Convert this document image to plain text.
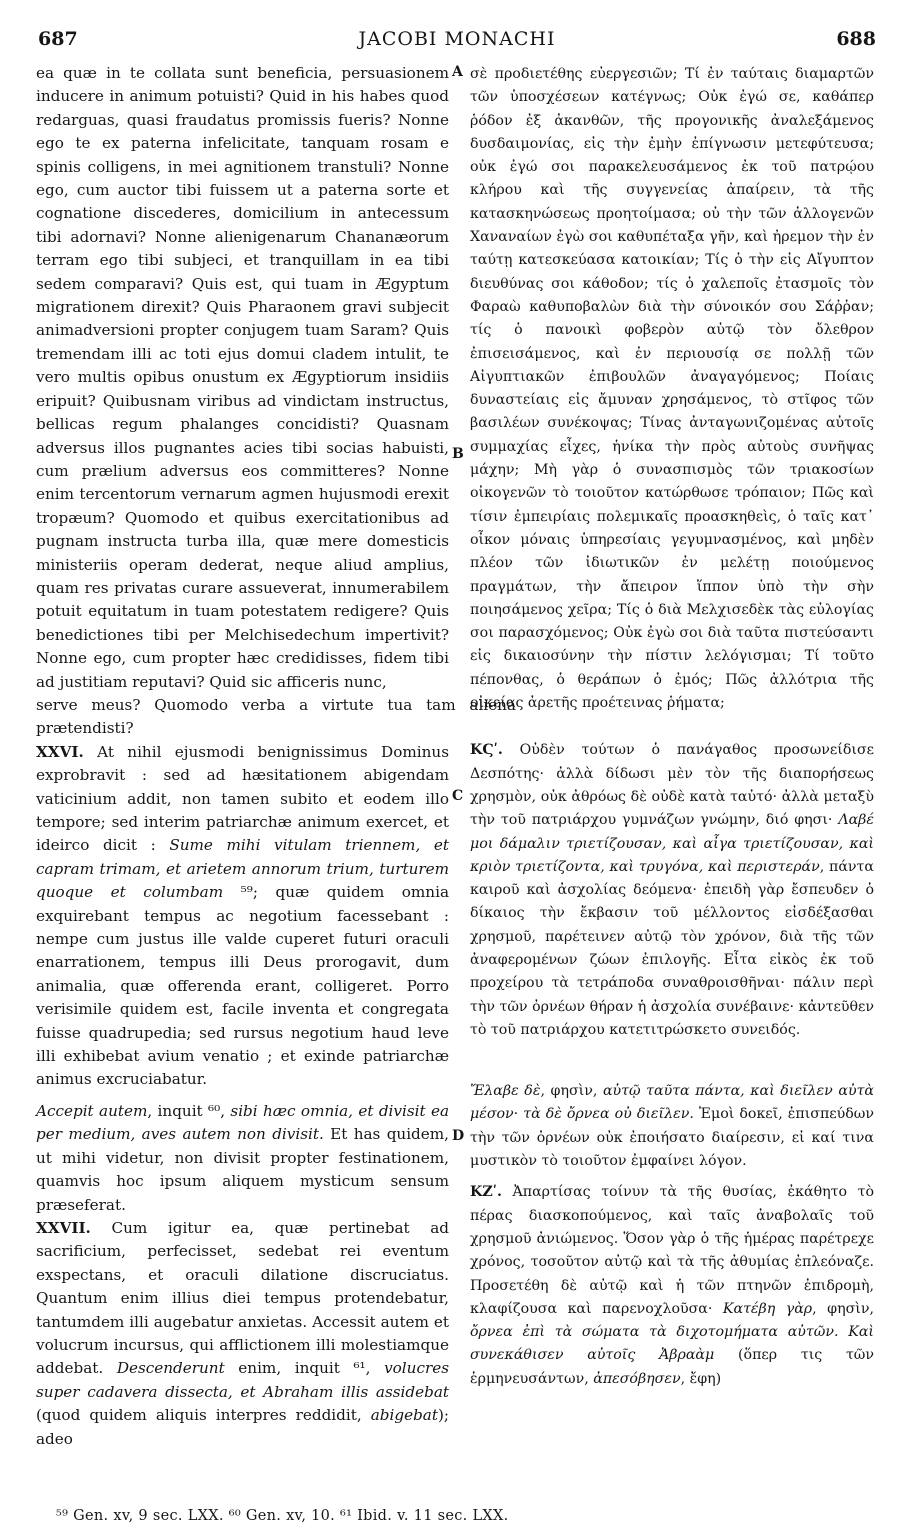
687	JACOBI MONACHI	688

ea quæ in te collata sunt beneficia, persuasionem inducere in animum potuisti? Quid in his habes quod redarguas, quasi fraudatus promissis fueris? Nonne ego te ex paterna infelicitate, tanquam rosam e spinis colligens, in mei agnitionem transtuli? Nonne ego, cum auctor tibi fuissem ut a paterna sorte et cognatione discederes, domicilium in antecessum tibi adornavi? Nonne alienigenarum Chananæorum terram ego tibi subjeci, et tranquillam in ea tibi sedem comparavi? Quis est, qui tuam in Ægyptum migrationem direxit? Quis Pharaonem gravi subjecit animadversioni propter conjugem tuam Saram? Quis tremendam illi ac toti ejus domui cladem intulit, te vero multis opibus onustum ex Ægyptiorum insidiis eripuit? Quibusnam viribus ad vindictam instructus, bellicas regum phalanges concidisti? Quasnam adversus illos pugnantes acies tibi socias habuisti, cum prælium adversus eos committeres? Nonne enim tercentorum vernarum agmen hujusmodi erexit tropæum? Quomodo et quibus exercitationibus ad pugnam instructa turba illa, quæ mere domesticis ministeriis operam dederat, neque aliud amplius, quam res privatas curare assueverat, innumerabilem potuit equitatum in tuam potestatem redigere? Quis benedictiones tibi per Melchisedechum impertivit? Nonne ego, cum propter hæc credidisses, fidem tibi ad justitiam reputavi? Quid sic afficeris nunc,

serve meus? Quomodo verba a virtute tua tam aliena prætendisti?

XXVI. At nihil ejusmodi benignissimus Dominus exprobravit : sed ad hæsitationem abigendam vaticinium addit, non tamen subito et eodem illo tempore; sed interim patriarchæ animum exercet, et ideirco dicit : Sume mihi vitulam triennem, et capram trimam, et arietem annorum trium, turturem quoque et columbam ⁵⁹; quæ quidem omnia exquirebant tempus ac negotium facessebant : nempe cum justus ille valde cuperet futuri oraculi enarrationem, tempus illi Deus prorogavit, dum animalia, quæ offerenda erant, colligeret. Porro verisimile quidem est, facile inventa et congregata fuisse quadrupedia; sed rursus negotium haud leve illi exhibebat avium venatio ; et exinde patriarchæ animus excruciabatur.

Accepit autem, inquit ⁶⁰, sibi hæc omnia, et divisit ea per medium, aves autem non divisit. Et has quidem, ut mihi videtur, non divisit propter festinationem, quamvis hoc ipsum aliquem mysticum sensum præseferat.

XXVII. Cum igitur ea, quæ pertinebat ad sacrificium, perfecisset, sedebat rei eventum exspectans, et oraculi dilatione discruciatus. Quantum enim illius diei tempus protendebatur, tantumdem illi augebatur anxietas. Accessit autem et volucrum incursus, qui afflictionem illi molestiamque addebat. Descenderunt enim, inquit ⁶¹, volucres super cadavera dissecta, et Abraham illis assidebat (quod quidem aliquis interpres reddidit, abigebat); adeo

A
B
C
D

σὲ προδιετέθης εὐεργεσιῶν; Τί ἐν ταύταις διαμαρτῶν τῶν ὑποσχέσεων κατέγνως; Οὐκ ἐγώ σε, καθάπερ ῥόδον ἐξ ἀκανθῶν, τῆς προγονικῆς ἀναλεξάμενος δυσδαιμονίας, εἰς τὴν ἐμὴν ἐπίγνωσιν μετεφύτευσα; οὐκ ἐγώ σοι παρακελευσάμενος ἐκ τοῦ πατρῴου κλήρου καὶ τῆς συγγενείας ἀπαίρειν, τὰ τῆς κατασκηνώσεως προητοίμασα; οὐ τὴν τῶν ἀλλογενῶν Χαναναίων ἐγὼ σοι καθυπέταξα γῆν, καὶ ἠρεμον τὴν ἐν ταύτῃ κατεσκεύασα κατοικίαν; Τίς ὁ τὴν εἰς Αἴγυπτον διευθύνας σοι κάθοδον; τίς ὁ χαλεποῖς ἐτασμοῖς τὸν Φαραὼ καθυποβαλὼν διὰ τὴν σύνοικόν σου Σάῤῥαν; τίς ὁ πανοικὶ φοβερὸν αὐτῷ τὸν ὄλεθρον ἐπισεισάμενος, καὶ ἐν περιουσίᾳ σε πολλῇ τῶν Αἰγυπτιακῶν ἐπιβουλῶν ἀναγαγόμενος; Ποίαις δυναστείαις εἰς ἄμυναν χρησάμενος, τὸ στῖφος τῶν βασιλέων συνέκοψας; Τίνας ἀνταγωνιζομένας αὐτοῖς συμμαχίας εἶχες, ἡνίκα τὴν πρὸς αὐτοὺς συνῆψας μάχην; Μὴ γὰρ ὁ συνασπισμὸς τῶν τριακοσίων οἰκογενῶν τὸ τοιοῦτον κατώρθωσε τρόπαιον; Πῶς καὶ τίσιν ἐμπειρίαις πολεμικαῖς προασκηθεὶς, ὁ ταῖς κατ᾽ οἶκον μόναις ὑπηρεσίαις γεγυμνασμένος, καὶ μηδὲν πλέον τῶν ἰδιωτικῶν ἐν μελέτῃ ποιούμενος πραγμάτων, τὴν ἄπειρον ἵππον ὑπὸ τὴν σὴν ποιησάμενος χεῖρα; Τίς ὁ διὰ Μελχισεδὲκ τὰς εὐλογίας σοι παρασχόμενος; Οὐκ ἐγὼ σοι διὰ ταῦτα πιστεύσαντι εἰς δικαιοσύνην τὴν πίστιν λελόγισμαι; Τί τοῦτο πέπονθας, ὁ θεράπων ὁ ἐμός; Πῶς ἀλλότρια τῆς οἰκείας ἀρετῆς προέτεινας ῥήματα;

ΚϚʹ. Οὐδὲν τούτων ὁ πανάγαθος προσωνείδισε Δεσπότης· ἀλλὰ δίδωσι μὲν τὸν τῆς διαπορήσεως χρησμὸν, οὐκ ἀθρόως δὲ οὐδὲ κατὰ ταὐτό· ἀλλὰ μεταξὺ τὴν τοῦ πατριάρχου γυμνάζων γνώμην, διό φησι· Λαβέ μοι δάμαλιν τριετίζουσαν, καὶ αἶγα τριετίζουσαν, καὶ κριὸν τριετίζοντα, καὶ τρυγόνα, καὶ περιστεράν, πάντα καιροῦ καὶ ἀσχολίας δεόμενα· ἐπειδὴ γὰρ ἔσπευδεν ὁ δίκαιος τὴν ἔκβασιν τοῦ μέλλοντος εἰσδέξασθαι χρησμοῦ, παρέτεινεν αὐτῷ τὸν χρόνον, διὰ τῆς τῶν ἀναφερομένων ζώων ἐπιλογῆς. Εἶτα εἰκὸς ἐκ τοῦ προχείρου τὰ τετράποδα συναθροισθῆναι· πάλιν περὶ τὴν τῶν ὀρνέων θήραν ἡ ἀσχολία συνέβαινε· κἀντεῦθεν τὸ τοῦ πατριάρχου κατετιτρώσκετο συνειδός.

Ἔλαβε δὲ, φησὶν, αὐτῷ ταῦτα πάντα, καὶ διεῖλεν αὐτὰ μέσον· τὰ δὲ ὄρνεα οὐ διεῖλεν. Ἐμοὶ δοκεῖ, ἐπισπεύδων τὴν τῶν ὀρνέων οὐκ ἐποιήσατο διαίρεσιν, εἰ καί τινα μυστικὸν τὸ τοιοῦτον ἐμφαίνει λόγον.

ΚΖʹ. Ἀπαρτίσας τοίνυν τὰ τῆς θυσίας, ἐκάθητο τὸ πέρας διασκοπούμενος, καὶ ταῖς ἀναβολαῖς τοῦ χρησμοῦ ἀνιώμενος. Ὅσον γὰρ ὁ τῆς ἡμέρας παρέτρεχε χρόνος, τοσοῦτον αὐτῷ καὶ τὰ τῆς ἀθυμίας ἐπλεόναζε. Προσετέθη δὲ αὐτῷ καὶ ἡ τῶν πτηνῶν ἐπιδρομὴ, κλαφίζουσα καὶ παρενοχλοῦσα· Κατέβη γὰρ, φησὶν, ὄρνεα ἐπὶ τὰ σώματα τὰ διχοτομήματα αὐτῶν. Καὶ συνεκάθισεν αὐτοῖς Ἀβραὰμ (ὅπερ τις τῶν ἑρμηνευσάντων, ἀπεσόβησεν, ἔφη)

⁵⁹ Gen. xv, 9 sec. LXX. ⁶⁰ Gen. xv, 10. ⁶¹ Ibid. v. 11 sec. LXX.
